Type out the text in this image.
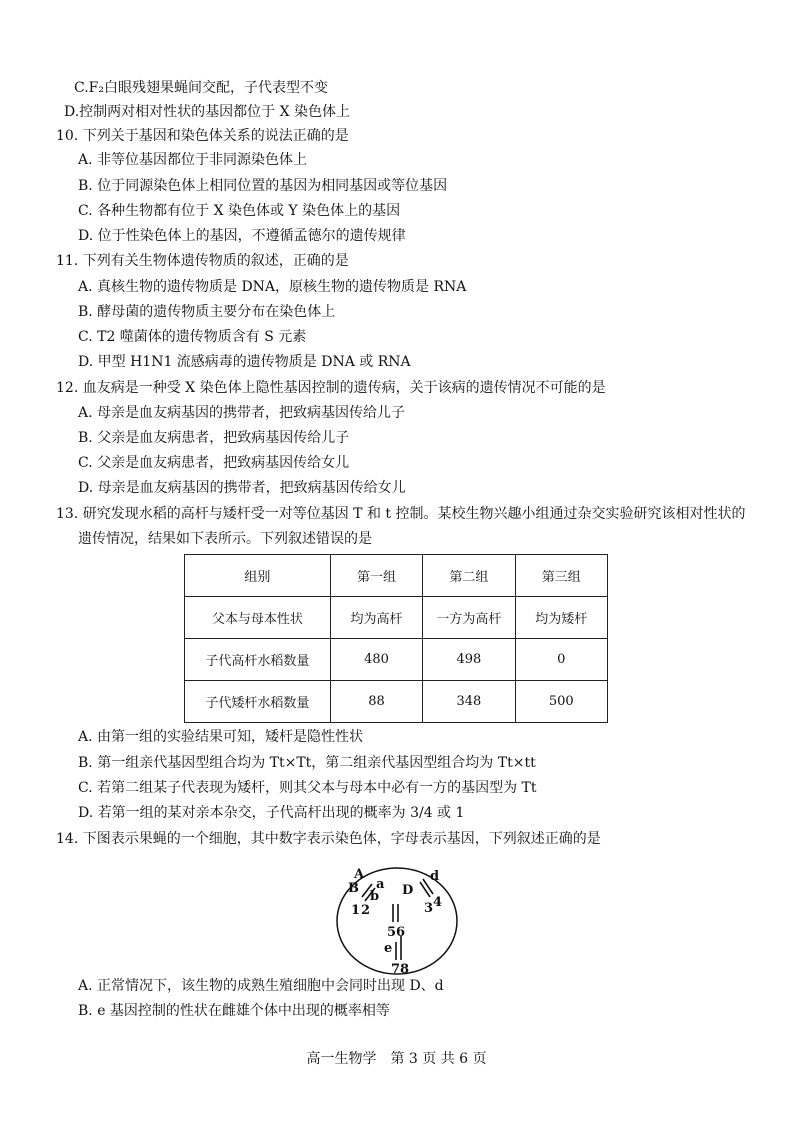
C.F₂白眼残翅果蝇间交配，子代表型不变
D.控制两对相对性状的基因都位于 X 染色体上
10. 下列关于基因和染色体关系的说法正确的是
A. 非等位基因都位于非同源染色体上
B. 位于同源染色体上相同位置的基因为相同基因或等位基因
C. 各种生物都有位于 X 染色体或 Y 染色体上的基因
D. 位于性染色体上的基因，不遵循孟德尔的遗传规律
11. 下列有关生物体遗传物质的叙述，正确的是
A. 真核生物的遗传物质是 DNA，原核生物的遗传物质是 RNA
B. 酵母菌的遗传物质主要分布在染色体上
C. T2 噬菌体的遗传物质含有 S 元素
D. 甲型 H1N1 流感病毒的遗传物质是 DNA 或 RNA
12. 血友病是一种受 X 染色体上隐性基因控制的遗传病，关于该病的遗传情况不可能的是
A. 母亲是血友病基因的携带者，把致病基因传给儿子
B. 父亲是血友病患者，把致病基因传给儿子
C. 父亲是血友病患者，把致病基因传给女儿
D. 母亲是血友病基因的携带者，把致病基因传给女儿
13. 研究发现水稻的高杆与矮杆受一对等位基因 T 和 t 控制。某校生物兴趣小组通过杂交实验研究该相对性状的
遗传情况，结果如下表所示。下列叙述错误的是
A. 由第一组的实验结果可知，矮杆是隐性性状
B. 第一组亲代基因型组合均为 Tt×Tt，第二组亲代基因型组合均为 Tt×tt
C. 若第二组某子代表现为矮杆，则其父本与母本中必有一方的基因型为 Tt
D. 若第一组的某对亲本杂交，子代高杆出现的概率为 3/4 或 1
14. 下图表示果蝇的一个细胞，其中数字表示染色体，字母表示基因，下列叙述正确的是
A. 正常情况下，该生物的成熟生殖细胞中会同时出现 D、d
B. e 基因控制的性状在雌雄个体中出现的概率相等
组别	第一组	第二组	第三组
父本与母本性状	均为高杆	一方为高杆	均为矮杆
子代高杆水稻数量	480	498	0
子代矮杆水稻数量	88	348	500
A
B a
b D
d
e
1 2	3 4
56
78
高一生物学　第 3 页 共 6 页
